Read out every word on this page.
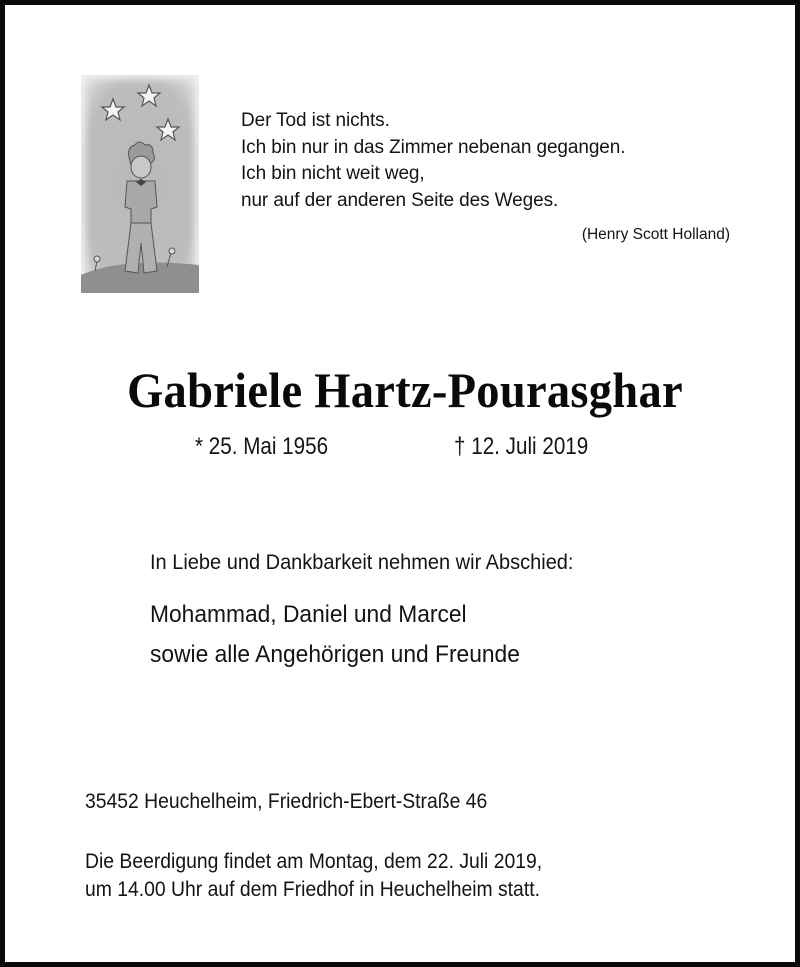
Der Tod ist nichts.
Ich bin nur in das Zimmer nebenan gegangen.
Ich bin nicht weit weg,
nur auf der anderen Seite des Weges.
(Henry Scott Holland)
Gabriele Hartz-Pourasghar
* 25. Mai 1956	† 12. Juli 2019
In Liebe und Dankbarkeit nehmen wir Abschied:
Mohammad, Daniel und Marcel
sowie alle Angehörigen und Freunde
35452 Heuchelheim, Friedrich-Ebert-Straße 46
Die Beerdigung findet am Montag, dem 22. Juli 2019,
um 14.00 Uhr auf dem Friedhof in Heuchelheim statt.
